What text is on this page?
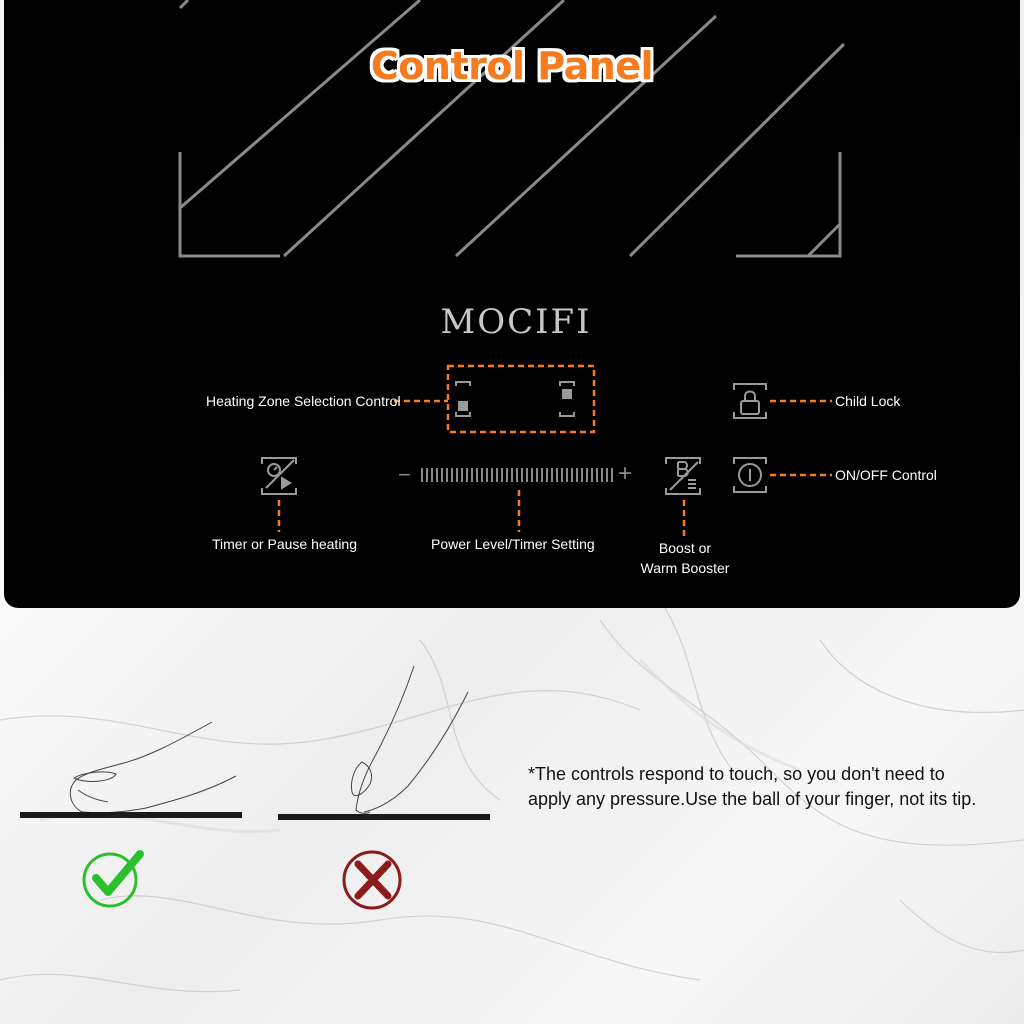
Control Panel
MOCIFI
Heating Zone Selection Control	Child Lock
ON/OFF Control
Timer or Pause heating	Power Level/Timer Setting	Boost or
Warm Booster
−	+
*The controls respond to touch, so you don't need to apply any pressure.Use the ball of your finger, not its tip.
